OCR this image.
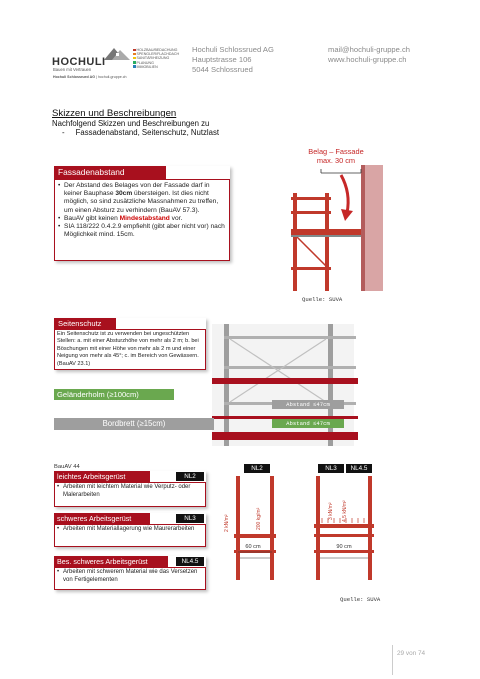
HOCHULI
Bauen mit Vertrauen
Hochuli Schlossrued AG | hochuli-gruppe.ch
HOLZBAU/BEDACHUNG
SPENGLER/FLACHDACH
SANITÄR/HEIZUNG
PLANUNG
IMMOBILIEN
Hochuli Schlossrued AG
Hauptstrasse 106
5044 Schlossrued
mail@hochuli-gruppe.ch
www.hochuli-gruppe.ch
Skizzen und Beschreibungen
Nachfolgend Skizzen und Beschreibungen zu
- Fassadenabstand, Seitenschutz, Nutzlast
Fassadenabstand
• Der Abstand des Belages von der Fassade darf in keiner Bauphase 30cm übersteigen. Ist dies nicht möglich, so sind zusätzliche Massnahmen zu treffen, um einen Absturz zu verhindern (BauAV 57.3).
• BauAV gibt keinen Mindestabstand vor.
• SIA 118/222 0.4.2.9 empfiehlt (gibt aber nicht vor) nach Möglichkeit mind. 15cm.
Belag – Fassade
max. 30 cm
Quelle: SUVA
Seitenschutz
Ein Seitenschutz ist zu verwenden bei ungeschützten Stellen: a. mit einer Absturzhöhe von mehr als 2 m; b. bei Böschungen mit einer Höhe von mehr als 2 m und einer Neigung von mehr als 45°; c. im Bereich von Gewässern. (BauAV 23.1)
Geländerholm (≥100cm)
Bordbrett (≥15cm)
Abstand ≤47cm
Abstand ≤47cm
BauAV 44
leichtes Arbeitsgerüst	NL2
• Arbeiten mit leichtem Material wie Verputz- oder Malerarbeiten
schweres Arbeitsgerüst	NL3
• Arbeiten mit Materiallagerung wie Maurerarbeiten
Bes. schweres Arbeitsgerüst	NL4.5
• Arbeiten mit schwerem Material wie das Versetzen von Fertigelementen
NL2	NL3	NL4.5
2 kN/m²	200 kg/m²	3 kN/m² 4.5 kN/m²
60 cm	90 cm
Quelle: SUVA
29 von 74
